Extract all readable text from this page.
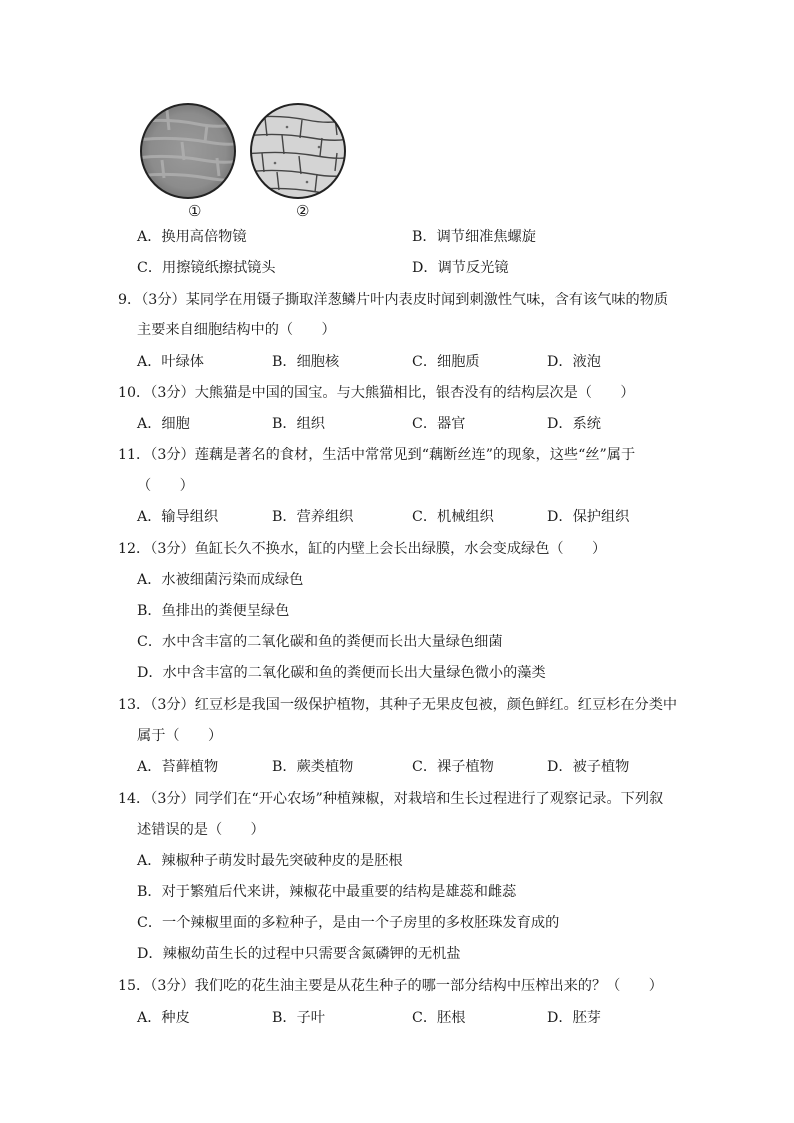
①	②
A．换用高倍物镜	B．调节细准焦螺旋
C．用擦镜纸擦拭镜头	D．调节反光镜
9．（3分）某同学在用镊子撕取洋葱鳞片叶内表皮时闻到刺激性气味，含有该气味的物质
主要来自细胞结构中的（　　）
A．叶绿体	B．细胞核	C．细胞质	D．液泡
10．（3分）大熊猫是中国的国宝。与大熊猫相比，银杏没有的结构层次是（　　）
A．细胞	B．组织	C．器官	D．系统
11．（3分）莲藕是著名的食材，生活中常常见到“藕断丝连”的现象，这些“丝”属于
（　　）
A．输导组织	B．营养组织	C．机械组织	D．保护组织
12．（3分）鱼缸长久不换水，缸的内壁上会长出绿膜，水会变成绿色（　　）
A．水被细菌污染而成绿色
B．鱼排出的粪便呈绿色
C．水中含丰富的二氧化碳和鱼的粪便而长出大量绿色细菌
D．水中含丰富的二氧化碳和鱼的粪便而长出大量绿色微小的藻类
13．（3分）红豆杉是我国一级保护植物，其种子无果皮包被，颜色鲜红。红豆杉在分类中
属于（　　）
A．苔藓植物	B．蕨类植物	C．裸子植物	D．被子植物
14．（3分）同学们在“开心农场”种植辣椒，对栽培和生长过程进行了观察记录。下列叙
述错误的是（　　）
A．辣椒种子萌发时最先突破种皮的是胚根
B．对于繁殖后代来讲，辣椒花中最重要的结构是雄蕊和雌蕊
C．一个辣椒里面的多粒种子，是由一个子房里的多枚胚珠发育成的
D．辣椒幼苗生长的过程中只需要含氮磷钾的无机盐
15．（3分）我们吃的花生油主要是从花生种子的哪一部分结构中压榨出来的？（　　）
A．种皮	B．子叶	C．胚根	D．胚芽
